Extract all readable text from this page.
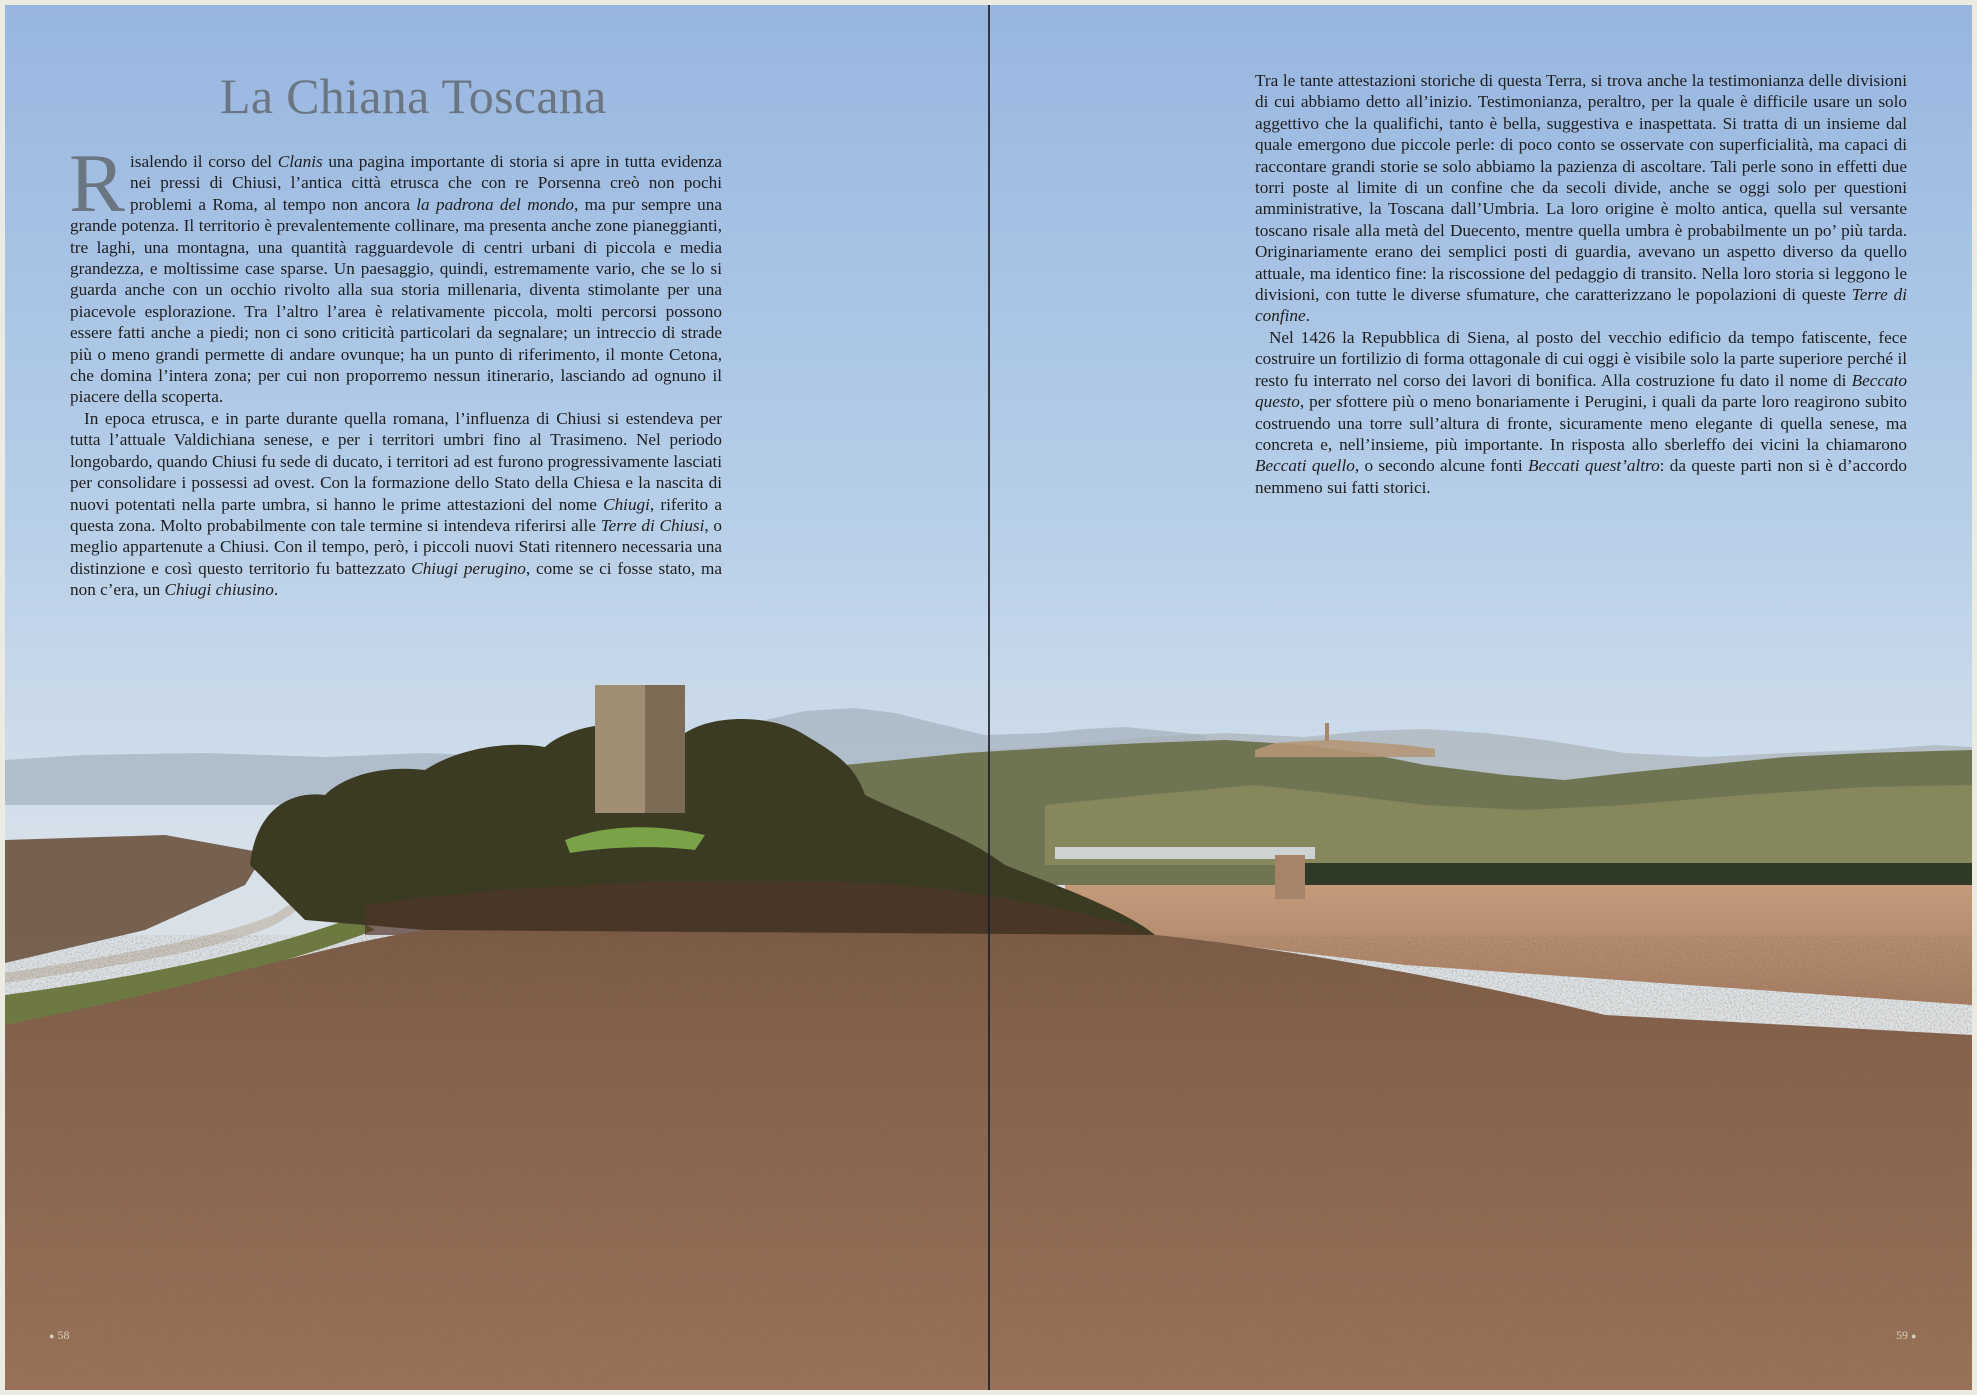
La Chiana Toscana

Risalendo il corso del Clanis una pagina importante di storia si apre in tutta evidenza nei pressi di Chiusi, l’antica città etrusca che con re Porsenna creò non pochi problemi a Roma, al tempo non ancora la padrona del mondo, ma pur sempre una grande potenza. Il territorio è prevalentemente collinare, ma presenta anche zone pianeggianti, tre laghi, una montagna, una quantità ragguardevole di centri urbani di piccola e media grandezza, e moltissime case sparse. Un paesaggio, quindi, estremamente vario, che se lo si guarda anche con un occhio rivolto alla sua storia millenaria, diventa stimolante per una piacevole esplorazione. Tra l’altro l’area è relativamente piccola, molti percorsi possono essere fatti anche a piedi; non ci sono criticità particolari da segnalare; un intreccio di strade più o meno grandi permette di andare ovunque; ha un punto di riferimento, il monte Cetona, che domina l’intera zona; per cui non proporremo nessun itinerario, lasciando ad ognuno il piacere della scoperta.

In epoca etrusca, e in parte durante quella romana, l’influenza di Chiusi si estendeva per tutta l’attuale Valdichiana senese, e per i territori umbri fino al Trasimeno. Nel periodo longobardo, quando Chiusi fu sede di ducato, i territori ad est furono progressivamente lasciati per consolidare i possessi ad ovest. Con la formazione dello Stato della Chiesa e la nascita di nuovi potentati nella parte umbra, si hanno le prime attestazioni del nome Chiugi, riferito a questa zona. Molto probabilmente con tale termine si intendeva riferirsi alle Terre di Chiusi, o meglio appartenute a Chiusi. Con il tempo, però, i piccoli nuovi Stati ritennero necessaria una distinzione e così questo territorio fu battezzato Chiugi perugino, come se ci fosse stato, ma non c’era, un Chiugi chiusino.

Tra le tante attestazioni storiche di questa Terra, si trova anche la testimonianza delle divisioni di cui abbiamo detto all’inizio. Testimonianza, peraltro, per la quale è difficile usare un solo aggettivo che la qualifichi, tanto è bella, suggestiva e inaspettata. Si tratta di un insieme dal quale emergono due piccole perle: di poco conto se osservate con superficialità, ma capaci di raccontare grandi storie se solo abbiamo la pazienza di ascoltare. Tali perle sono in effetti due torri poste al limite di un confine che da secoli divide, anche se oggi solo per questioni amministrative, la Toscana dall’Umbria. La loro origine è molto antica, quella sul versante toscano risale alla metà del Duecento, mentre quella umbra è probabilmente un po’ più tarda. Originariamente erano dei semplici posti di guardia, avevano un aspetto diverso da quello attuale, ma identico fine: la riscossione del pedaggio di transito. Nella loro storia si leggono le divisioni, con tutte le diverse sfumature, che caratterizzano le popolazioni di queste Terre di confine.

Nel 1426 la Repubblica di Siena, al posto del vecchio edificio da tempo fatiscente, fece costruire un fortilizio di forma ottagonale di cui oggi è visibile solo la parte superiore perché il resto fu interrato nel corso dei lavori di bonifica. Alla costruzione fu dato il nome di Beccato questo, per sfottere più o meno bonariamente i Perugini, i quali da parte loro reagirono subito costruendo una torre sull’altura di fronte, sicuramente meno elegante di quella senese, ma concreta e, nell’insieme, più importante. In risposta allo sberleffo dei vicini la chiamarono Beccati quello, o secondo alcune fonti Beccati quest’altro: da queste parti non si è d’accordo nemmeno sui fatti storici.

● 58	59 ●
